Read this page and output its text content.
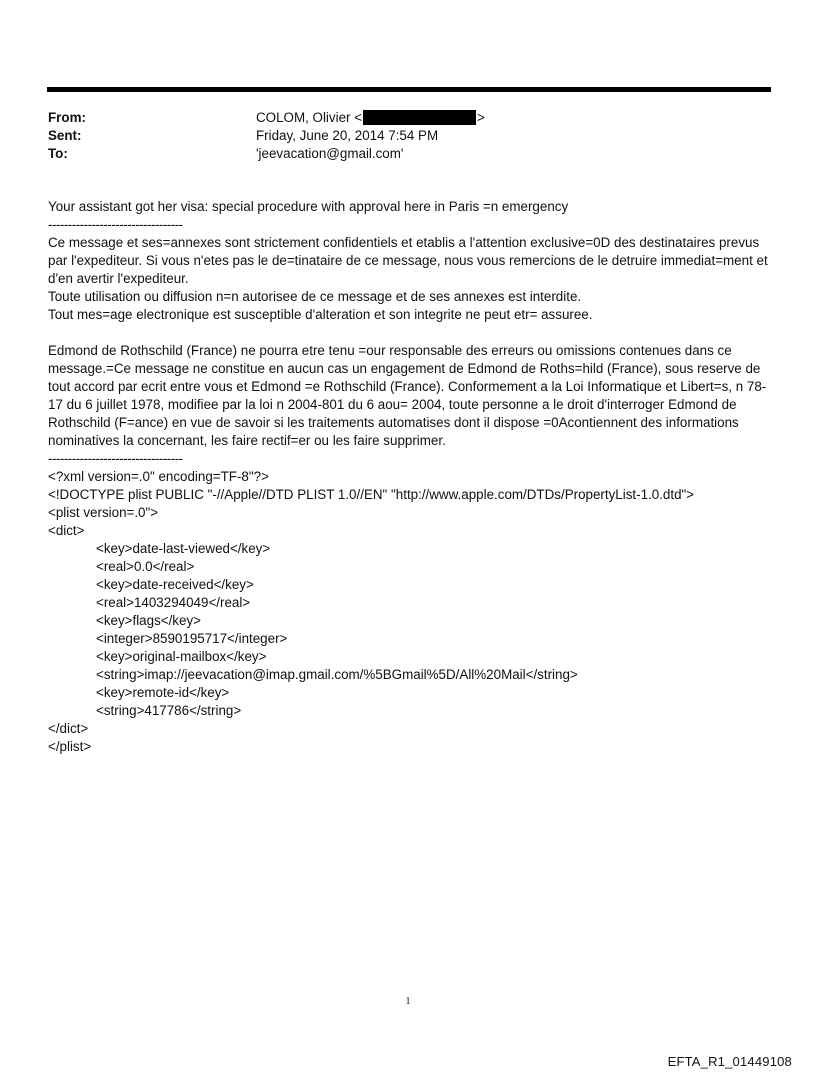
From:	COLOM, Olivier <	>
Sent:	Friday, June 20, 2014 7:54 PM
To:	'jeevacation@gmail.com'

Your assistant got her visa: special procedure with approval here in Paris =n emergency

----------------------------------

Ce message et ses=annexes sont strictement confidentiels et etablis a l'attention exclusive=0D des destinataires prevus par l'expediteur. Si vous n'etes pas le de=tinataire de ce message, nous vous remercions de le detruire immediat=ment et d'en avertir l'expediteur.

Toute utilisation ou diffusion n=n autorisee de ce message et de ses annexes est interdite.

Tout mes=age electronique est susceptible d'alteration et son integrite ne peut etr= assuree.

Edmond de Rothschild (France) ne pourra etre tenu =our responsable des erreurs ou omissions contenues dans ce message.=Ce message ne constitue en aucun cas un engagement de Edmond de Roths=hild (France), sous reserve de tout accord par ecrit entre vous et Edmond =e Rothschild (France). Conformement a la Loi Informatique et Libert=s, n 78-17 du 6 juillet 1978, modifiee par la loi n 2004-801 du 6 aou= 2004, toute personne a le droit d'interroger Edmond de Rothschild (F=ance) en vue de savoir si les traitements automatises dont il dispose =0Acontiennent des informations nominatives la concernant, les faire rectif=er ou les faire supprimer.

----------------------------------

<?xml version=.0" encoding=TF-8"?>

<!DOCTYPE plist PUBLIC "-//Apple//DTD PLIST 1.0//EN" "http://www.apple.com/DTDs/PropertyList-1.0.dtd">

<plist version=.0">

<dict>

<key>date-last-viewed</key>

<real>0.0</real>

<key>date-received</key>

<real>1403294049</real>

<key>flags</key>

<integer>8590195717</integer>

<key>original-mailbox</key>

<string>imap://jeevacation@imap.gmail.com/%5BGmail%5D/All%20Mail</string>

<key>remote-id</key>

<string>417786</string>

</dict>

</plist>

1
EFTA_R1_01449108
